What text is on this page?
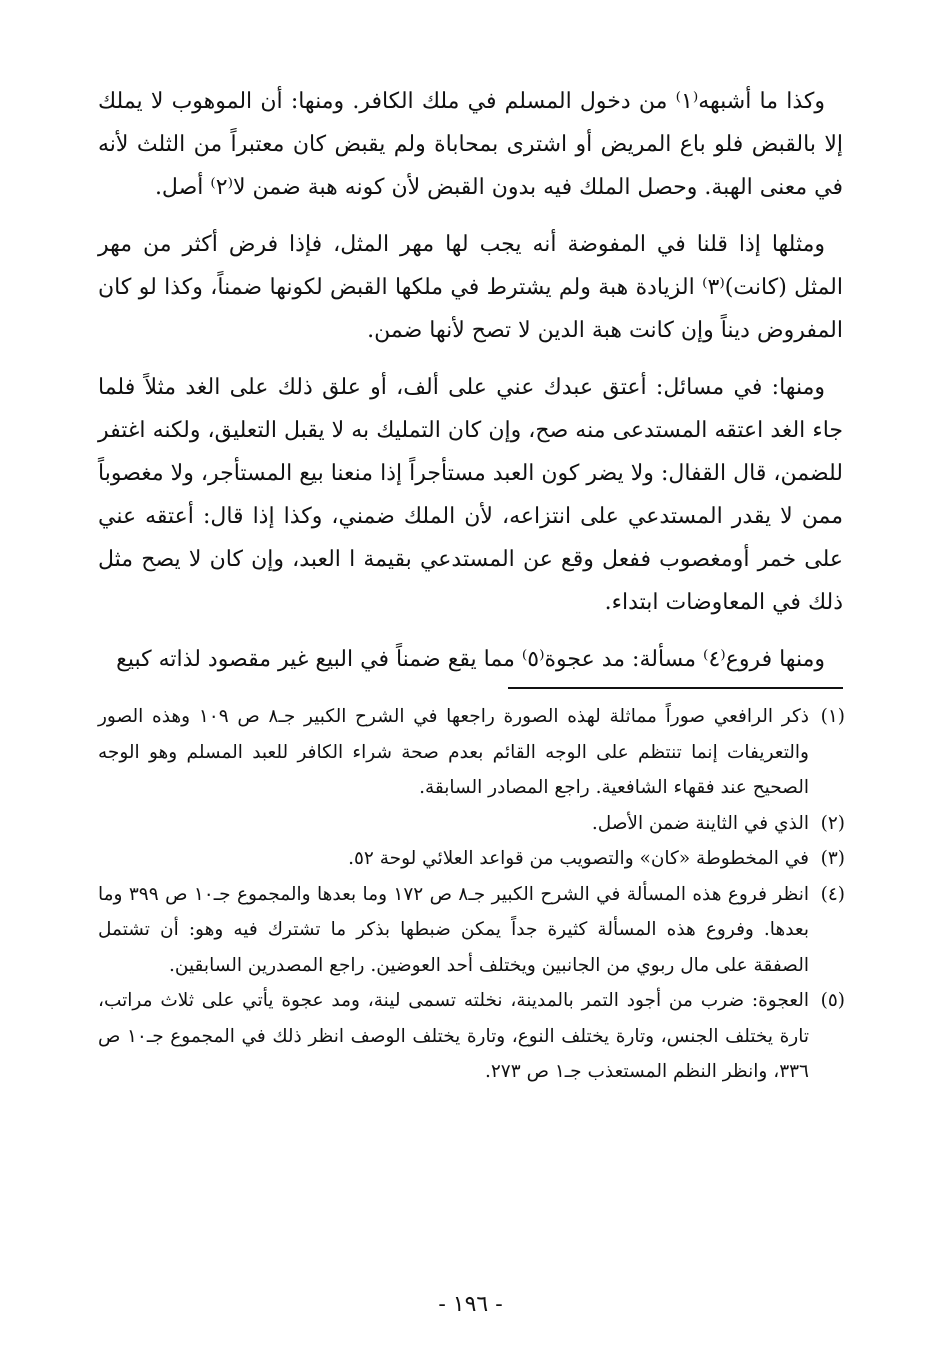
وكذا ما أشبهه⁽١⁾ من دخول المسلم في ملك الكافر. ومنها: أن الموهوب لا يملك إلا بالقبض فلو باع المريض أو اشترى بمحاباة ولم يقبض كان معتبراً من الثلث لأنه في معنى الهبة. وحصل الملك فيه بدون القبض لأن كونه هبة ضمن لا⁽٢⁾ أصل.

ومثلها إذا قلنا في المفوضة أنه يجب لها مهر المثل، فإذا فرض أكثر من مهر المثل (كانت)⁽٣⁾ الزيادة هبة ولم يشترط في ملكها القبض لكونها ضمناً، وكذا لو كان المفروض ديناً وإن كانت هبة الدين لا تصح لأنها ضمن.

ومنها: في مسائل: أعتق عبدك عني على ألف، أو علق ذلك على الغد مثلاً فلما جاء الغد اعتقه المستدعى منه صح، وإن كان التمليك به لا يقبل التعليق، ولكنه اغتفر للضمن، قال القفال: ولا يضر كون العبد مستأجراً إذا منعنا بيع المستأجر، ولا مغصوباً ممن لا يقدر المستدعي على انتزاعه، لأن الملك ضمني، وكذا إذا قال: أعتقه عني على خمر أومغصوب ففعل وقع عن المستدعي بقيمة ا العبد، وإن كان لا يصح مثل ذلك في المعاوضات ابتداء.

ومنها فروع⁽٤⁾ مسألة: مد عجوة⁽٥⁾ مما يقع ضمناً في البيع غير مقصود لذاته كبيع

(١)
ذكر الرافعي صوراً مماثلة لهذه الصورة راجعها في الشرح الكبير جـ٨ ص ١٠٩ وهذه الصور والتعريفات إنما تنتظم على الوجه القائم بعدم صحة شراء الكافر للعبد المسلم وهو الوجه الصحيح عند فقهاء الشافعية. راجع المصادر السابقة.

(٢)
الذي في الثاينة ضمن الأصل.

(٣)
في المخطوطة «كان» والتصويب من قواعد العلائي لوحة ٥٢.

(٤)
انظر فروع هذه المسألة في الشرح الكبير جـ٨ ص ١٧٢ وما بعدها والمجموع جـ١٠ ص ٣٩٩ وما بعدها. وفروع هذه المسألة كثيرة جداً يمكن ضبطها بذكر ما تشترك فيه وهو: أن تشتمل الصفقة على مال ربوي من الجانبين ويختلف أحد العوضين. راجع المصدرين السابقين.

(٥)
العجوة: ضرب من أجود التمر بالمدينة، نخلته تسمى لينة، ومد عجوة يأتي على ثلاث مراتب، تارة يختلف الجنس، وتارة يختلف النوع، وتارة يختلف الوصف انظر ذلك في المجموع جـ١٠ ص ٣٣٦، وانظر النظم المستعذب جـ١ ص ٢٧٣.

- ١٩٦ -
